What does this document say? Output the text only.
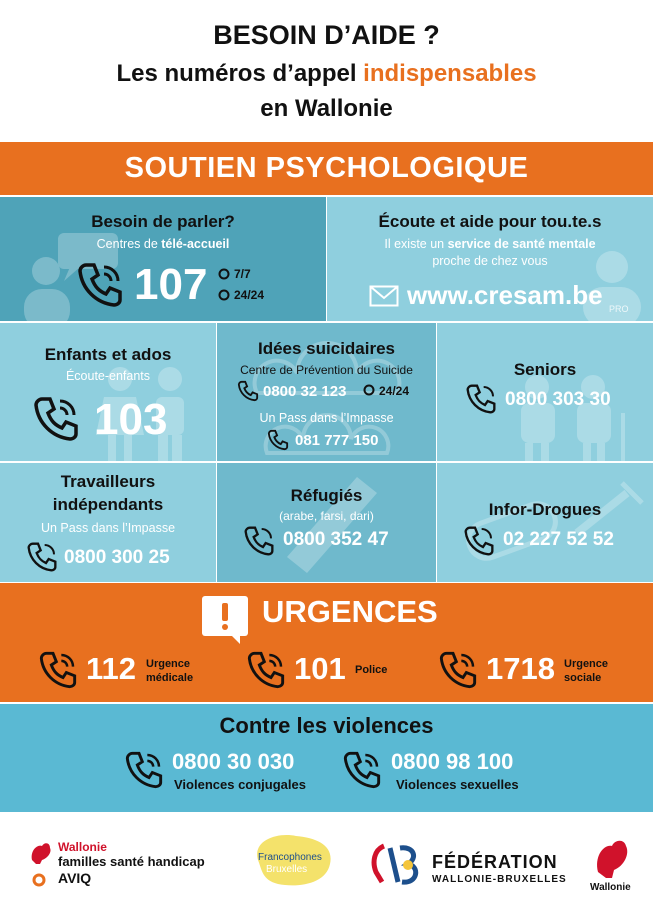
BESOIN D’AIDE ?
Les numéros d’appel indispensables
en Wallonie
SOUTIEN PSYCHOLOGIQUE
Besoin de parler?
Centres de télé-accueil
107 7/7
24/24
PRO
Écoute et aide pour tou.te.s
Il existe un service de santé mentale
proche de chez vous
www.cresam.be
Enfants et ados
Écoute-enfants
103
Idées suicidaires
Centre de Prévention du Suicide
0800 32 123	24/24
Un Pass dans l’Impasse
081 777 150
Seniors
0800 303 30
Travailleurs
indépendants
Un Pass dans l’Impasse
0800 300 25
Réfugiés
(arabe, farsi, dari)
0800 352 47
Infor-Drogues
02 227 52 52
URGENCES
112 Urgence
médicale	101 Police	1718 Urgence
sociale
Contre les violences
0800 30 030
Violences conjugales
0800 98 100
Violences sexuelles
Wallonie
familles santé handicap
AVIQ
Francophones
Bruxelles	FÉDÉRATION
WALLONIE-BRUXELLES
Wallonie
